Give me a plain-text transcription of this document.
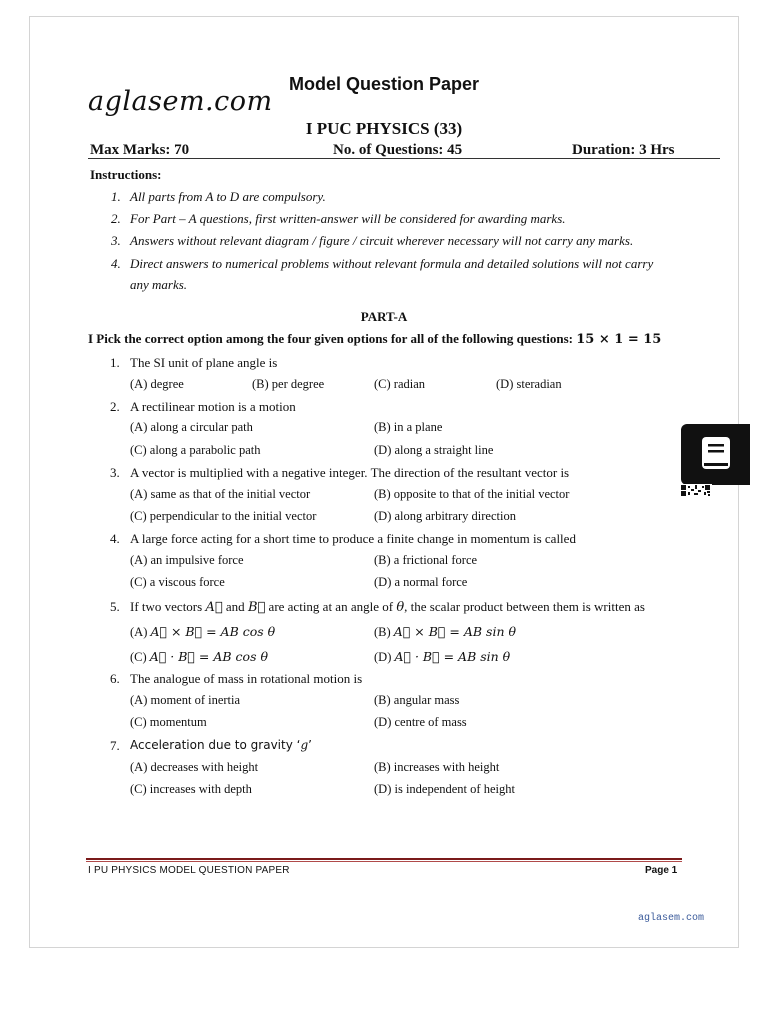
aglasem.com
Model Question Paper
I PUC PHYSICS (33)
Max Marks: 70	No. of Questions: 45	Duration: 3 Hrs
Instructions:
1. All parts from A to D are compulsory.
2. For Part – A questions, first written-answer will be considered for awarding marks.
3. Answers without relevant diagram / figure / circuit wherever necessary will not carry any marks.
4. Direct answers to numerical problems without relevant formula and detailed solutions will not carry
any marks.
PART-A
I Pick the correct option among the four given options for all of the following questions: 15 × 1 = 15
1. The SI unit of plane angle is
(A) degree	(B) per degree	(C) radian	(D) steradian
2. A rectilinear motion is a motion
(A) along a circular path	(B) in a plane
(C) along a parabolic path	(D) along a straight line
3. A vector is multiplied with a negative integer. The direction of the resultant vector is
(A) same as that of the initial vector	(B) opposite to that of the initial vector
(C) perpendicular to the initial vector	(D) along arbitrary direction
4. A large force acting for a short time to produce a finite change in momentum is called
(A) an impulsive force	(B) a frictional force
(C) a viscous force	(D) a normal force
5. If two vectors A⃗ and B⃗ are acting at an angle of θ, the scalar product between them is written as
(A) A⃗ × B⃗ = AB cos θ	(B) A⃗ × B⃗ = AB sin θ
(C) A⃗ · B⃗ = AB cos θ	(D) A⃗ · B⃗ = AB sin θ
6. The analogue of mass in rotational motion is
(A) moment of inertia	(B) angular mass
(C) momentum	(D) centre of mass
7. Acceleration due to gravity ‘g’
(A) decreases with height	(B) increases with height
(C) increases with depth	(D) is independent of height
I PU PHYSICS MODEL QUESTION PAPER	Page 1
aglasem.com
